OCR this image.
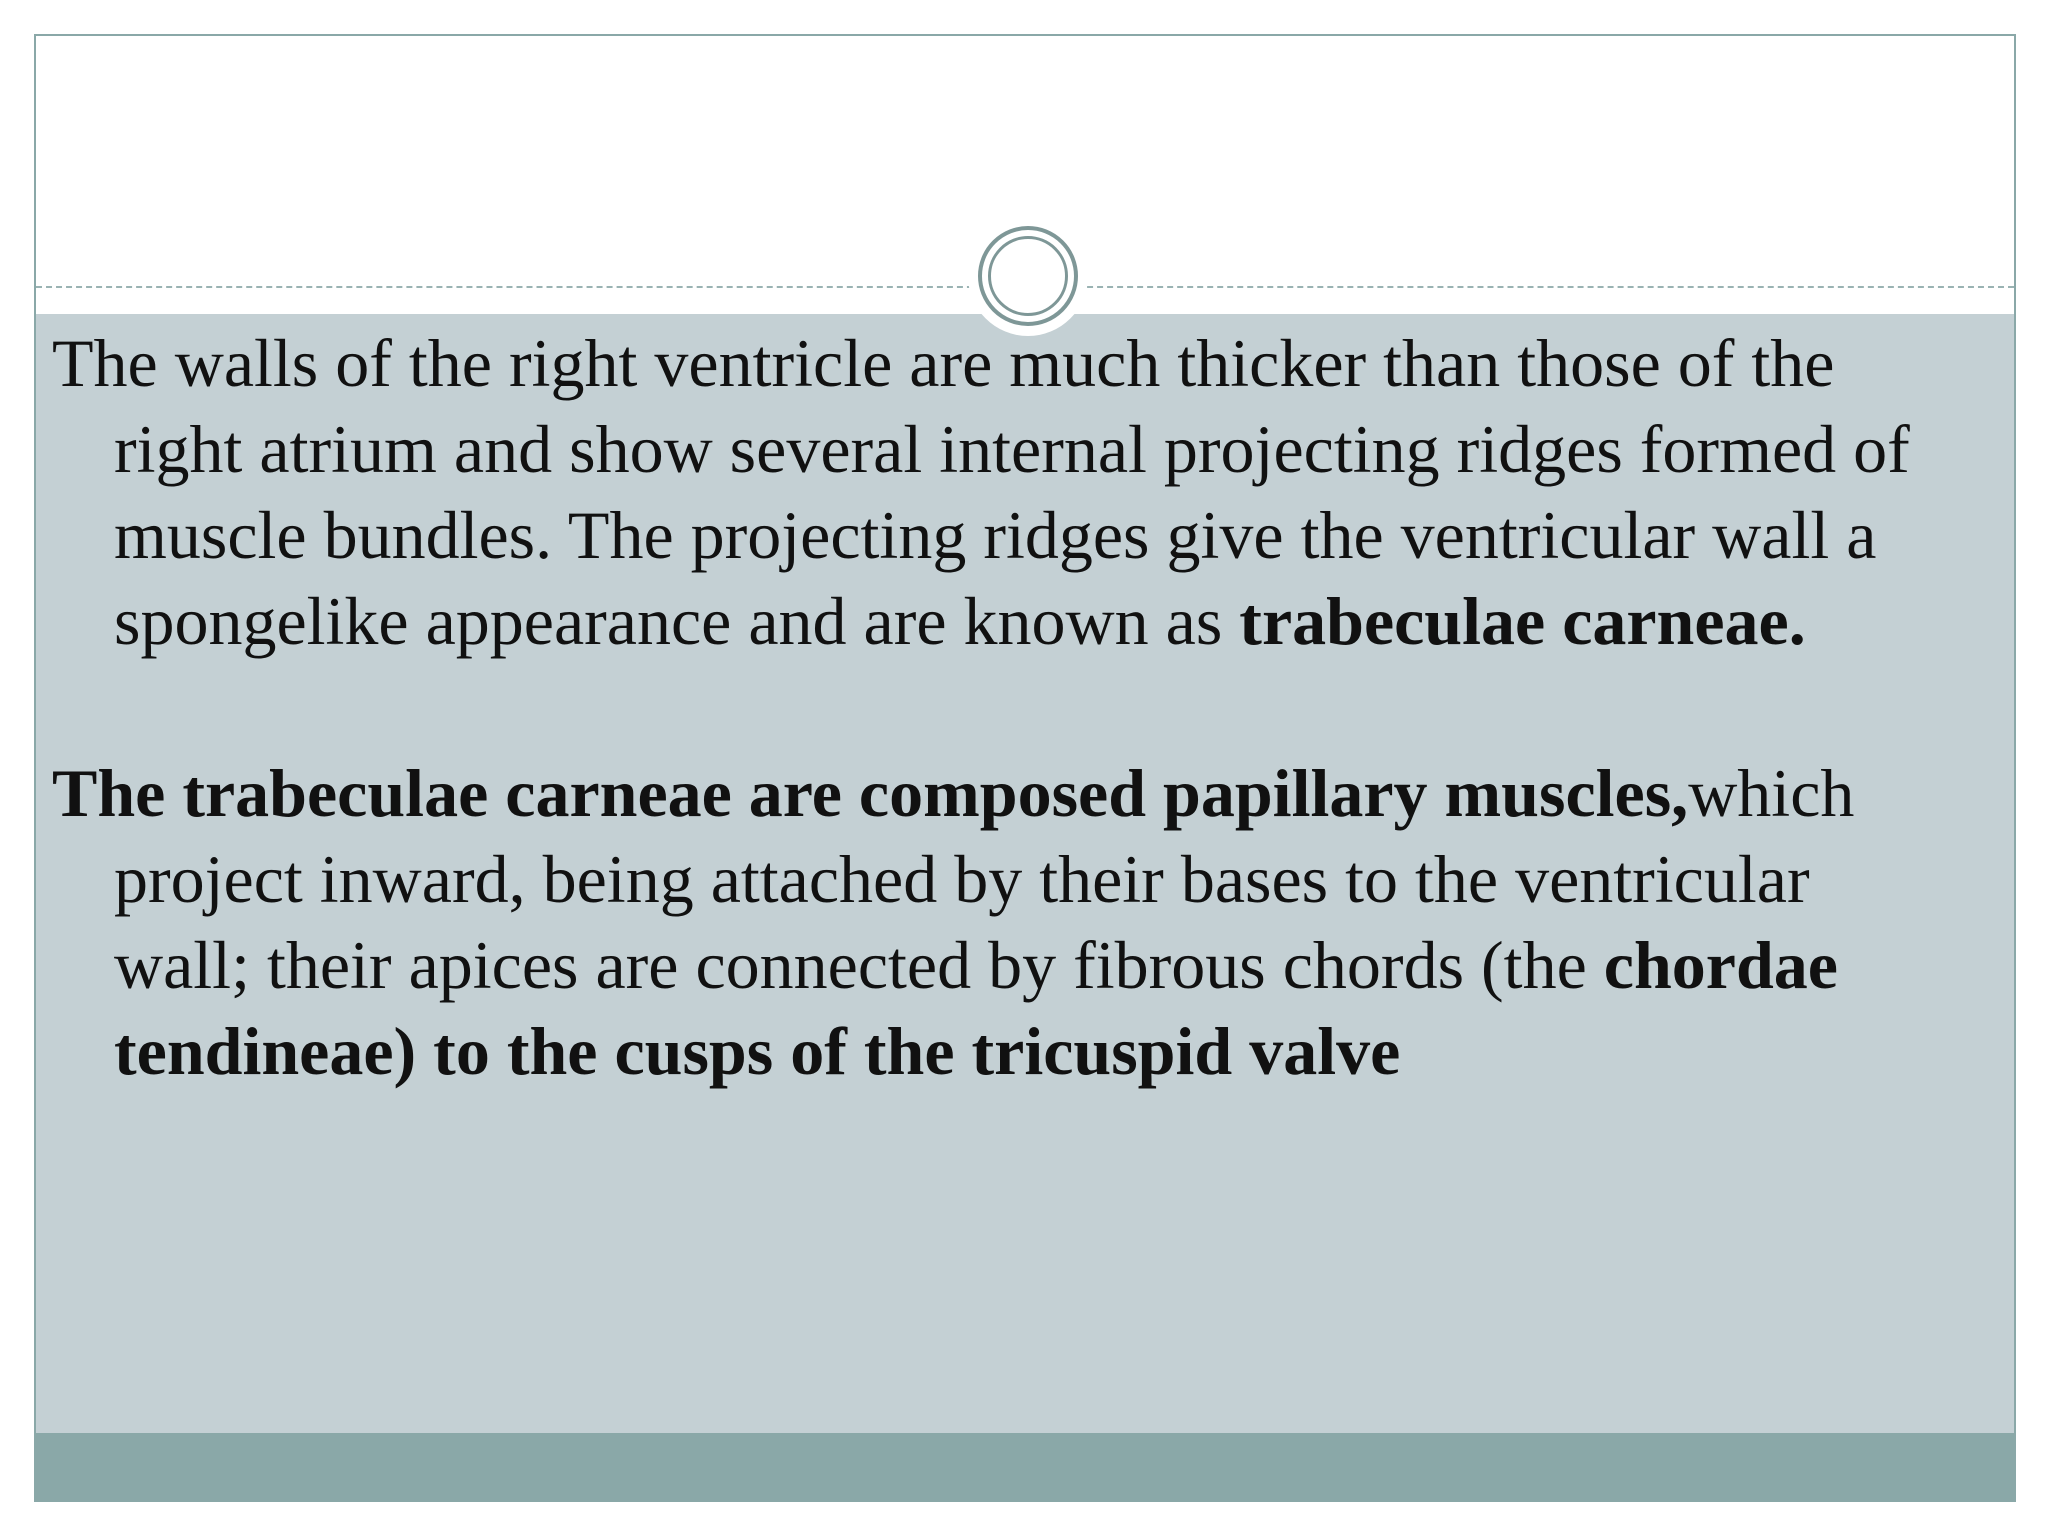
The walls of the right ventricle are much thicker than those of the right atrium and show several internal projecting ridges formed of muscle bundles. The projecting ridges give the ventricular wall a spongelike appearance and are known as trabeculae carneae.

The trabeculae carneae are composed papillary muscles,which project inward, being attached by their bases to the ventricular wall; their apices are connected by fibrous chords (the chordae tendineae) to the cusps of the tricuspid valve
